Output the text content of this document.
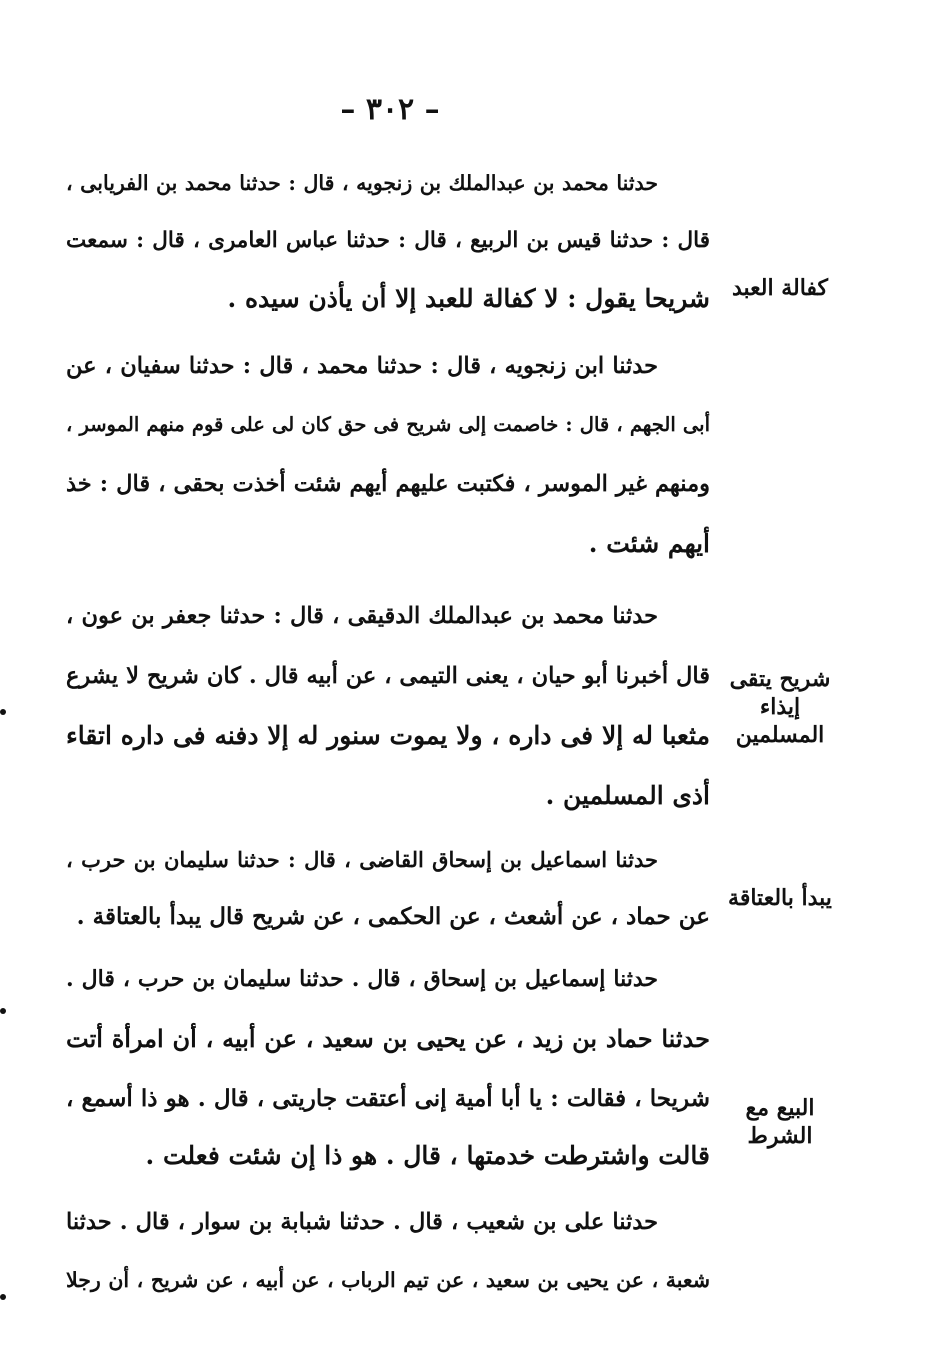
– ٣٠٢ –
حدثنا محمد بن عبدالملك بن زنجويه ، قال : حدثنا محمد بن الفريابى ،
قال : حدثنا قيس بن الربيع ، قال : حدثنا عباس العامرى ، قال : سمعت
شريحا يقول : لا كفالة للعبد إلا أن يأذن سيده .
حدثنا ابن زنجويه ، قال : حدثنا محمد ، قال : حدثنا سفيان ، عن
أبى الجهم ، قال : خاصمت إلى شريح فى حق كان لى على قوم منهم الموسر ،
ومنهم غير الموسر ، فكتبت عليهم أيهم شئت أخذت بحقى ، قال : خذ
أيهم شئت .
حدثنا محمد بن عبدالملك الدقيقى ، قال : حدثنا جعفر بن عون ،
قال أخبرنا أبو حيان ، يعنى التيمى ، عن أبيه قال . كان شريح لا يشرع
مثعبا له إلا فى داره ، ولا يموت سنور له إلا دفنه فى داره اتقاء
أذى المسلمين .
حدثنا اسماعيل بن إسحاق القاضى ، قال : حدثنا سليمان بن حرب ،
عن حماد ، عن أشعث ، عن الحكمى ، عن شريح قال يبدأ بالعتاقة .
حدثنا إسماعيل بن إسحاق ، قال . حدثنا سليمان بن حرب ، قال .
حدثنا حماد بن زيد ، عن يحيى بن سعيد ، عن أبيه ، أن امرأة أتت
شريحا ، فقالت : يا أبا أمية إنى أعتقت جاريتى ، قال . هو ذا أسمع ،
قالت واشترطت خدمتها ، قال . هو ذا إن شئت فعلت .
حدثنا على بن شعيب ، قال . حدثنا شبابة بن سوار ، قال . حدثنا
شعبة ، عن يحيى بن سعيد ، عن تيم الرباب ، عن أبيه ، عن شريح ، أن رجلا
كفالة العبد
شريح يتقى
إيذاء المسلمين
يبدأ بالعتاقة
البيع مع
الشرط
